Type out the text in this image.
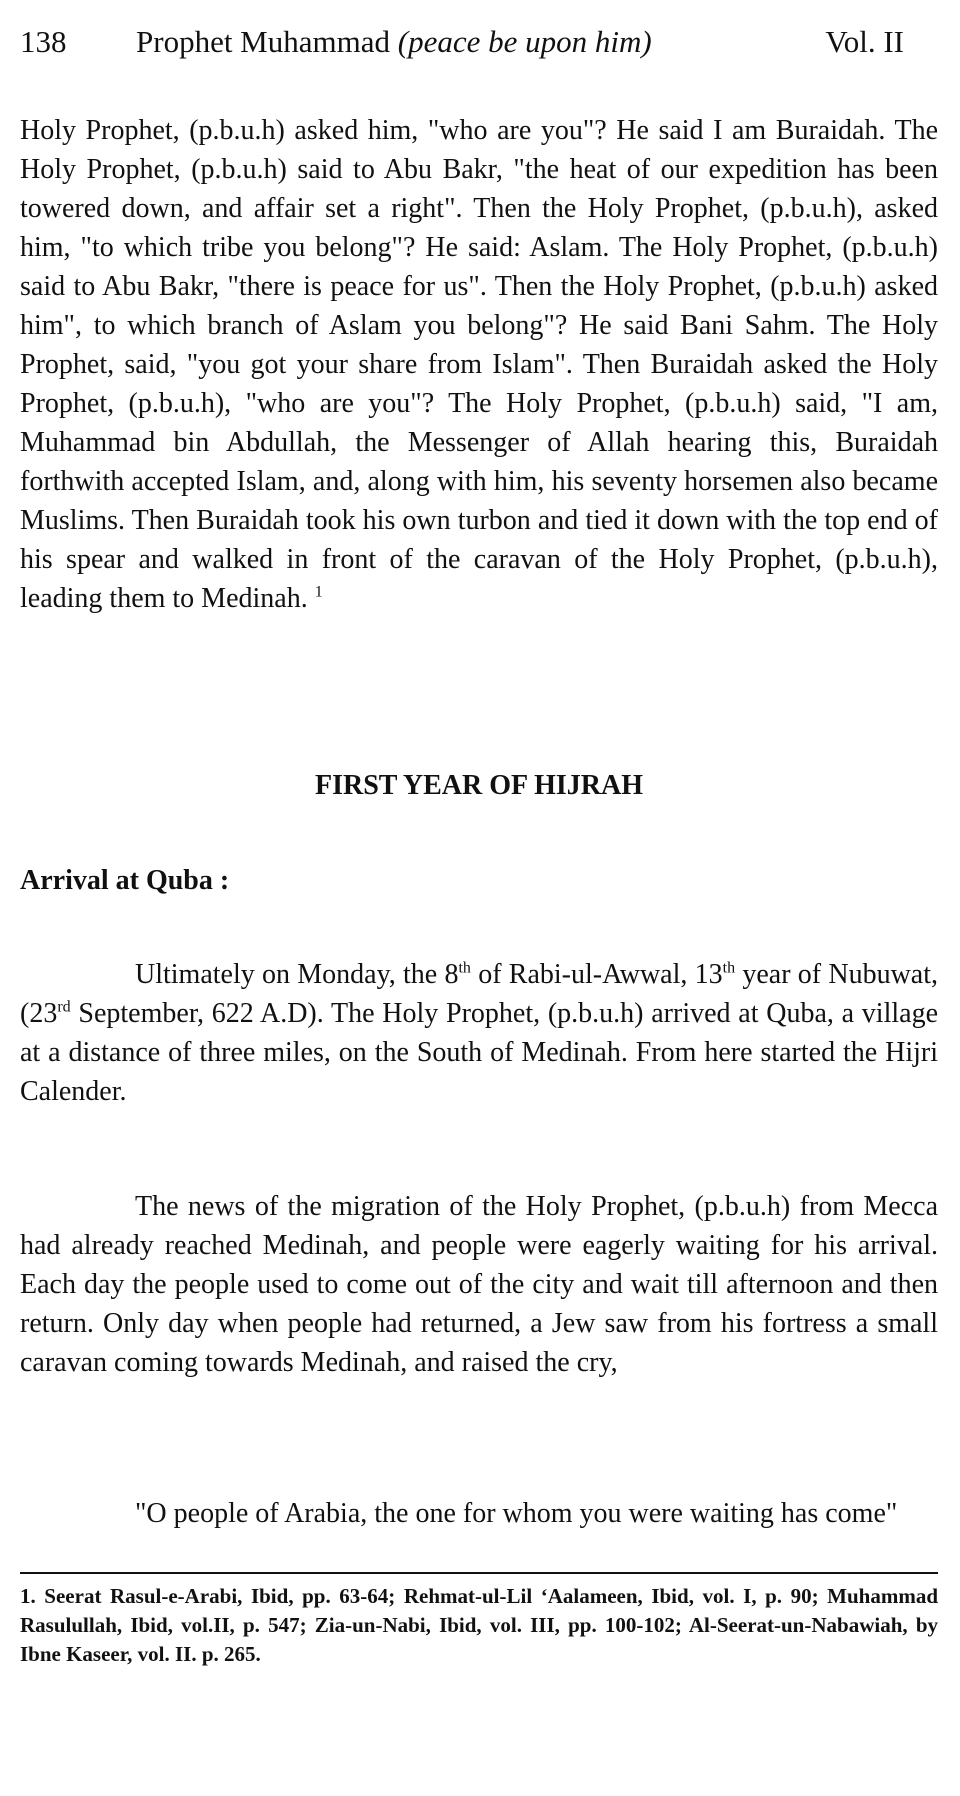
138 Prophet Muhammad (peace be upon him)	Vol. II

Holy Prophet, (p.b.u.h) asked him, "who are you"? He said I am Buraidah. The Holy Prophet, (p.b.u.h) said to Abu Bakr, "the heat of our expedition has been towered down, and affair set a right". Then the Holy Prophet, (p.b.u.h), asked him, "to which tribe you belong"? He said: Aslam. The Holy Prophet, (p.b.u.h) said to Abu Bakr, "there is peace for us". Then the Holy Prophet, (p.b.u.h) asked him", to which branch of Aslam you belong"? He said Bani Sahm. The Holy Prophet, said, "you got your share from Islam". Then Buraidah asked the Holy Prophet, (p.b.u.h), "who are you"? The Holy Prophet, (p.b.u.h) said, "I am, Muhammad bin Abdullah, the Messenger of Allah hearing this, Buraidah forthwith accepted Islam, and, along with him, his seventy horsemen also became Muslims. Then Buraidah took his own turbon and tied it down with the top end of his spear and walked in front of the caravan of the Holy Prophet, (p.b.u.h), leading them to Medinah. $^1$

FIRST YEAR OF HIJRAH
Arrival at Quba :

Ultimately on Monday, the 8th of Rabi-ul-Awwal, 13th year of Nubuwat, (23rd September, 622 A.D). The Holy Prophet, (p.b.u.h) arrived at Quba, a village at a distance of three miles, on the South of Medinah. From here started the Hijri Calender.

The news of the migration of the Holy Prophet, (p.b.u.h) from Mecca had already reached Medinah, and people were eagerly waiting for his arrival. Each day the people used to come out of the city and wait till afternoon and then return. Only day when people had returned, a Jew saw from his fortress a small caravan coming towards Medinah, and raised the cry,

"O people of Arabia, the one for whom you were waiting has come"

1. Seerat Rasul-e-Arabi, Ibid, pp. 63-64; Rehmat-ul-Lil ‘Aalameen, Ibid, vol. I, p. 90; Muhammad Rasulullah, Ibid, vol.II, p. 547; Zia-un-Nabi, Ibid, vol. III, pp. 100-102; Al-Seerat-un-Nabawiah, by Ibne Kaseer, vol. II. p. 265.
